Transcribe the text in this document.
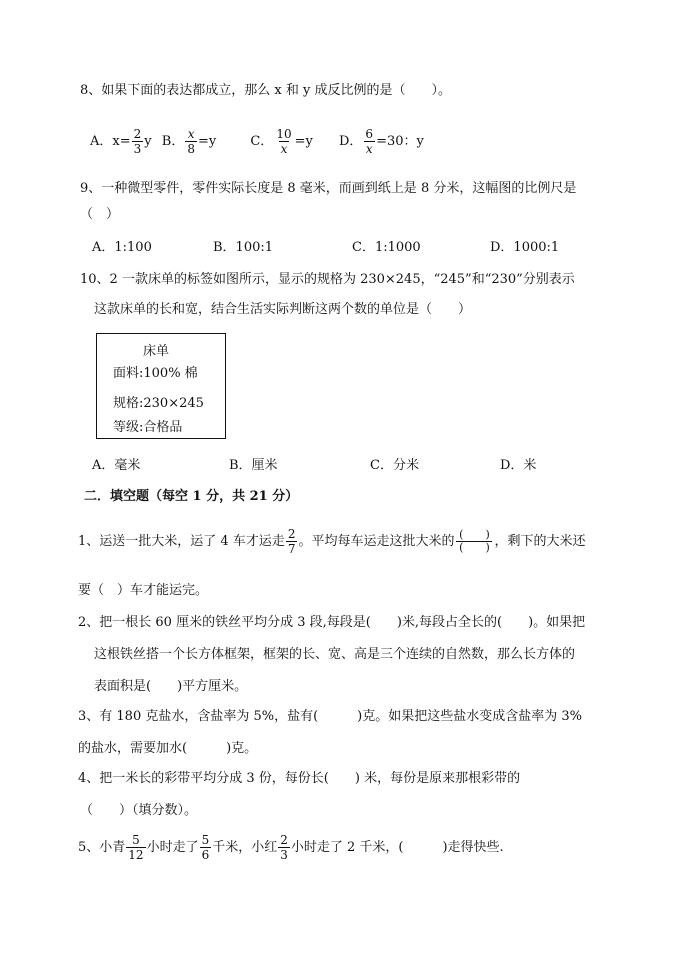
8、如果下面的表达都成立，那么 x 和 y 成反比例的是（　　）。
A．$x= \frac{2}{3}$ y B． $\frac{x}{8} =y$	C． $\frac{10}{x} =y$ D． $\frac{6}{x} =30$：y
9、一种微型零件，零件实际长度是 8 毫米，而画到纸上是 8 分米，这幅图的比例尺是
（　）
A．1:100	B．100:1	C．1:1000	D．1000:1
10、2 一款床单的标签如图所示，显示的规格为 230×245，“245”和“230”分别表示
这款床单的长和宽，结合生活实际判断这两个数的单位是（　　）
床单
面料:100% 棉
规格:230×245
等级:合格品
A．毫米	B．厘米	C．分米	D．米
二．填空题（每空 1 分，共 21 分）
1、运送一批大米，运了 4 车才运走 $\frac{2}{7}$ 。平均每车运走这批大米的 $\frac{( )}{( )}$ ，剩下的大米还
要（　）车才能运完。
2、把一根长 60 厘米的铁丝平均分成 3 段,每段是(　　)米,每段占全长的(　　)。如果把
这根铁丝搭一个长方体框架，框架的长、宽、高是三个连续的自然数，那么长方体的
表面积是(　　)平方厘米。
3、有 180 克盐水，含盐率为 5%，盐有(　　　)克。如果把这些盐水变成含盐率为 3%
的盐水，需要加水(　　　)克。
4、把一米长的彩带平均分成 3 份，每份长(　　) 米，每份是原来那根彩带的
（　　）（填分数）。
5、小青 $\frac{5}{12}$ 小时走了 $\frac{5}{6}$ 千米，小红 $\frac{2}{3}$ 小时走了 2 千米，(　　　)走得快些.
